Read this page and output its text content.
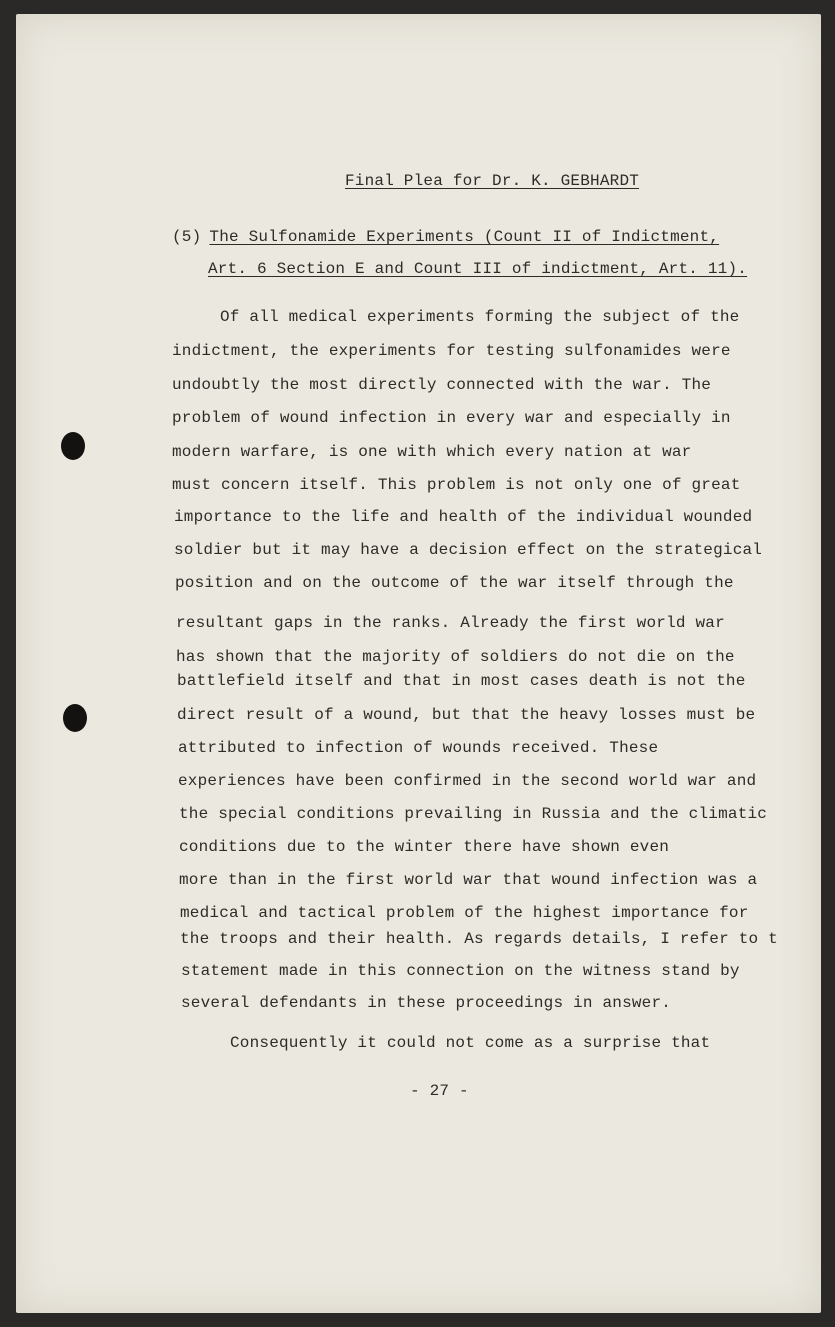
Final Plea for Dr. K. GEBHARDT
(5) The Sulfonamide Experiments (Count II of Indictment,
Art. 6 Section E and Count III of indictment, Art. 11).
Of all medical experiments forming the subject of the
indictment, the experiments for testing sulfonamides were
undoubtly the most directly connected with the war. The
problem of wound infection in every war and especially in
modern warfare, is one with which every nation at war
must concern itself. This problem is not only one of great
importance to the life and health of the individual wounded
soldier but it may have a decision effect on the strategical
position and on the outcome of the war itself through the
resultant gaps in the ranks. Already the first world war
has shown that the majority of soldiers do not die on the
battlefield itself and that in most cases death is not the
direct result of a wound, but that the heavy losses must be
attributed to infection of wounds received. These
experiences have been confirmed in the second world war and
the special conditions prevailing in Russia and the climatic
conditions due to the winter there have shown even
more than in the first world war that wound infection was a
medical and tactical problem of the highest importance for
the troops and their health. As regards details, I refer to t
statement made in this connection on the witness stand by
several defendants in these proceedings in answer.
Consequently it could not come as a surprise that
- 27 -
